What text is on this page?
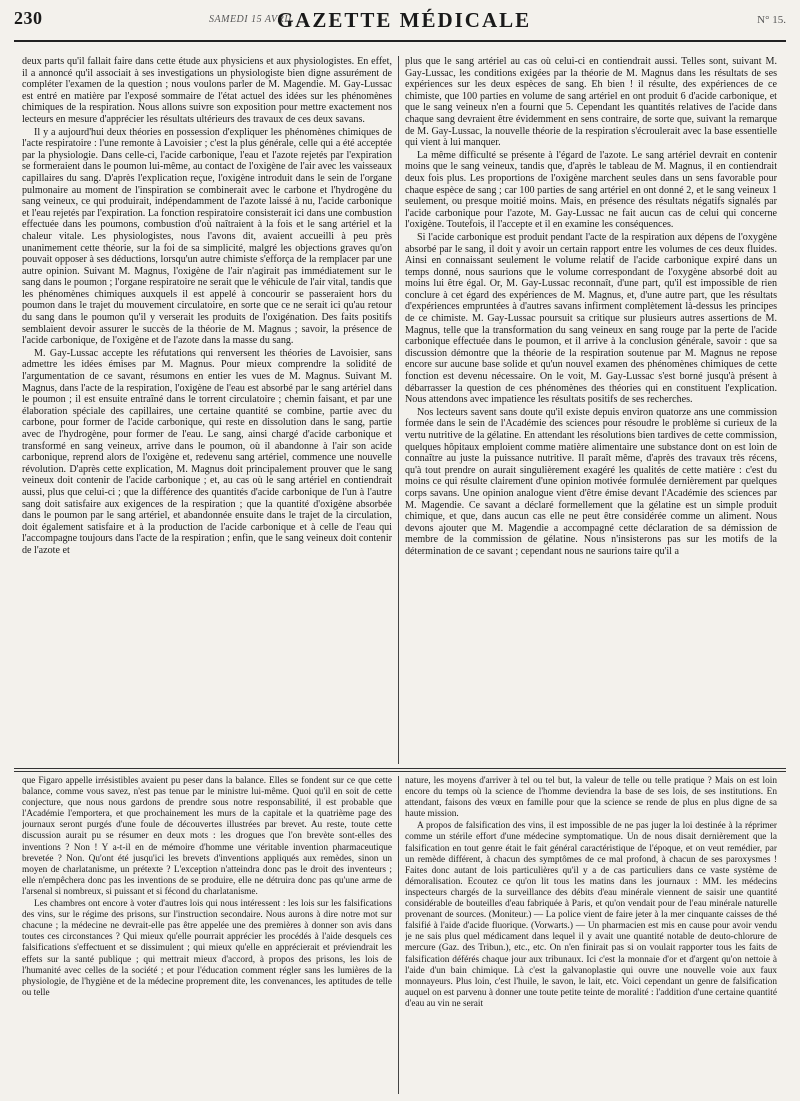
230	SAMEDI 15 AVRIL
GAZETTE MÉDICALE	N° 15.

deux parts qu'il fallait faire dans cette étude aux physiciens et aux physiologistes. En effet, il a annoncé qu'il associait à ses investigations un physiologiste bien digne assurément de compléter l'examen de la question ; nous voulons parler de M. Magendie. M. Gay-Lussac est entré en matière par l'exposé sommaire de l'état actuel des idées sur les phénomènes chimiques de la respiration. Nous allons suivre son exposition pour mettre exactement nos lecteurs en mesure d'apprécier les résultats ultérieurs des travaux de ces deux savans.

Il y a aujourd'hui deux théories en possession d'expliquer les phénomènes chimiques de l'acte respiratoire : l'une remonte à Lavoisier ; c'est la plus générale, celle qui a été acceptée par la physiologie. Dans celle-ci, l'acide carbonique, l'eau et l'azote rejetés par l'expiration se formeraient dans le poumon lui-même, au contact de l'oxigène de l'air avec les vaisseaux capillaires du sang. D'après l'explication reçue, l'oxigène introduit dans le sein de l'organe pulmonaire au moment de l'inspiration se combinerait avec le carbone et l'hydrogène du sang veineux, ce qui produirait, indépendamment de l'azote laissé à nu, l'acide carbonique et l'eau rejetés par l'expiration. La fonction respiratoire consisterait ici dans une combustion effectuée dans les poumons, combustion d'où naîtraient à la fois et le sang artériel et la chaleur vitale. Les physiologistes, nous l'avons dit, avaient accueilli à peu près unanimement cette théorie, sur la foi de sa simplicité, malgré les objections graves qu'on pouvait opposer à ses déductions, lorsqu'un autre chimiste s'efforça de la remplacer par une autre opinion. Suivant M. Magnus, l'oxigène de l'air n'agirait pas immédiatement sur le sang dans le poumon ; l'organe respiratoire ne serait que le véhicule de l'air vital, tandis que les phénomènes chimiques auxquels il est appelé à concourir se passeraient hors du poumon dans le trajet du mouvement circulatoire, en sorte que ce ne serait ici qu'au retour du sang dans le poumon qu'il y verserait les produits de l'oxigénation. Des faits positifs semblaient devoir assurer le succès de la théorie de M. Magnus ; savoir, la présence de l'acide carbonique, de l'oxigène et de l'azote dans la masse du sang.

M. Gay-Lussac accepte les réfutations qui renversent les théories de Lavoisier, sans admettre les idées émises par M. Magnus. Pour mieux comprendre la solidité de l'argumentation de ce savant, résumons en entier les vues de M. Magnus. Suivant M. Magnus, dans l'acte de la respiration, l'oxigène de l'eau est absorbé par le sang artériel dans le poumon ; il est ensuite entraîné dans le torrent circulatoire ; chemin faisant, et par une élaboration spéciale des capillaires, une certaine quantité se combine, partie avec du carbone, pour former de l'acide carbonique, qui reste en dissolution dans le sang, partie avec de l'hydrogène, pour former de l'eau. Le sang, ainsi chargé d'acide carbonique et transformé en sang veineux, arrive dans le poumon, où il abandonne à l'air son acide carbonique, reprend alors de l'oxigène et, redevenu sang artériel, commence une nouvelle révolution. D'après cette explication, M. Magnus doit principalement prouver que le sang veineux doit contenir de l'acide carbonique ; et, au cas où le sang artériel en contiendrait aussi, plus que celui-ci ; que la différence des quantités d'acide carbonique de l'un à l'autre sang doit satisfaire aux exigences de la respiration ; que la quantité d'oxigène absorbée dans le poumon par le sang artériel, et abandonnée ensuite dans le trajet de la circulation, doit également satisfaire et à la production de l'acide carbonique et à celle de l'eau qui l'accompagne toujours dans l'acte de la respiration ; enfin, que le sang veineux doit contenir de l'azote et

plus que le sang artériel au cas où celui-ci en contiendrait aussi. Telles sont, suivant M. Gay-Lussac, les conditions exigées par la théorie de M. Magnus dans les résultats de ses expériences sur les deux espèces de sang. Eh bien ! il résulte, des expériences de ce chimiste, que 100 parties en volume de sang artériel en ont produit 6 d'acide carbonique, et que le sang veineux n'en a fourni que 5. Cependant les quantités relatives de l'acide dans chaque sang devraient être évidemment en sens contraire, de sorte que, suivant la remarque de M. Gay-Lussac, la nouvelle théorie de la respiration s'écroulerait avec la base essentielle qui vient à lui manquer.

La même difficulté se présente à l'égard de l'azote. Le sang artériel devrait en contenir moins que le sang veineux, tandis que, d'après le tableau de M. Magnus, il en contiendrait deux fois plus. Les proportions de l'oxigène marchent seules dans un sens favorable pour chaque espèce de sang ; car 100 parties de sang artériel en ont donné 2, et le sang veineux 1 seulement, ou presque moitié moins. Mais, en présence des résultats négatifs signalés par l'acide carbonique pour l'azote, M. Gay-Lussac ne fait aucun cas de celui qui concerne l'oxigène. Toutefois, il l'accepte et il en examine les conséquences.

Si l'acide carbonique est produit pendant l'acte de la respiration aux dépens de l'oxygène absorbé par le sang, il doit y avoir un certain rapport entre les volumes de ces deux fluides. Ainsi en connaissant seulement le volume relatif de l'acide carbonique expiré dans un temps donné, nous saurions que le volume correspondant de l'oxygène absorbé doit au moins lui être égal. Or, M. Gay-Lussac reconnaît, d'une part, qu'il est impossible de rien conclure à cet égard des expériences de M. Magnus, et, d'une autre part, que les résultats d'expériences empruntées à d'autres savans infirment complètement là-dessus les principes de ce chimiste. M. Gay-Lussac poursuit sa critique sur plusieurs autres assertions de M. Magnus, telle que la transformation du sang veineux en sang rouge par la perte de l'acide carbonique effectuée dans le poumon, et il arrive à la conclusion générale, savoir : que sa discussion démontre que la théorie de la respiration soutenue par M. Magnus ne repose encore sur aucune base solide et qu'un nouvel examen des phénomènes chimiques de cette fonction est devenu nécessaire. On le voit, M. Gay-Lussac s'est borné jusqu'à présent à débarrasser la question de ces phénomènes des théories qui en constituent l'explication. Nous attendons avec impatience les résultats positifs de ses recherches.

Nos lecteurs savent sans doute qu'il existe depuis environ quatorze ans une commission formée dans le sein de l'Académie des sciences pour résoudre le problème si curieux de la vertu nutritive de la gélatine. En attendant les résolutions bien tardives de cette commission, quelques hôpitaux emploient comme matière alimentaire une substance dont on est loin de connaître au juste la puissance nutritive. Il paraît même, d'après des travaux très récens, qu'à tout prendre on aurait singulièrement exagéré les qualités de cette matière : c'est du moins ce qui résulte clairement d'une opinion motivée formulée dernièrement par quelques corps savans. Une opinion analogue vient d'être émise devant l'Académie des sciences par M. Magendie. Ce savant a déclaré formellement que la gélatine est un simple produit chimique, et que, dans aucun cas elle ne peut être considérée comme un aliment. Nous devons ajouter que M. Magendie a accompagné cette déclaration de sa démission de membre de la commission de gélatine. Nous n'insisterons pas sur les motifs de la détermination de ce savant ; cependant nous ne saurions taire qu'il a

que Figaro appelle irrésistibles avaient pu peser dans la balance. Elles se fondent sur ce que cette balance, comme vous savez, n'est pas tenue par le ministre lui-même. Quoi qu'il en soit de cette conjecture, que nous nous gardons de prendre sous notre responsabilité, il est probable que l'Académie l'emportera, et que prochainement les murs de la capitale et la quatrième page des journaux seront purgés d'une foule de découvertes illustrées par brevet. Au reste, toute cette discussion aurait pu se résumer en deux mots : les drogues que l'on brevète sont-elles des inventions ? Non ! Y a-t-il en de mémoire d'homme une véritable invention pharmaceutique brevetée ? Non. Qu'ont été jusqu'ici les brevets d'inventions appliqués aux remèdes, sinon un moyen de charlatanisme, un prétexte ? L'exception n'atteindra donc pas le droit des inventeurs ; elle n'empêchera donc pas les inventions de se produire, elle ne détruira donc pas qu'une arme de l'arsenal si nombreux, si puissant et si fécond du charlatanisme.

Les chambres ont encore à voter d'autres lois qui nous intéressent : les lois sur les falsifications des vins, sur le régime des prisons, sur l'instruction secondaire. Nous aurons à dire notre mot sur chacune ; la médecine ne devrait-elle pas être appelée une des premières à donner son avis dans toutes ces circonstances ? Qui mieux qu'elle pourrait apprécier les procédés à l'aide desquels ces falsifications s'effectuent et se dissimulent ; qui mieux qu'elle en apprécierait et préviendrait les effets sur la santé publique ; qui mettrait mieux d'accord, à propos des prisons, les lois de l'humanité avec celles de la société ; et pour l'éducation comment régler sans les lumières de la physiologie, de l'hygiène et de la médecine proprement dite, les convenances, les aptitudes de telle ou telle

nature, les moyens d'arriver à tel ou tel but, la valeur de telle ou telle pratique ? Mais on est loin encore du temps où la science de l'homme deviendra la base de ses lois, de ses institutions. En attendant, faisons des vœux en famille pour que la science se rende de plus en plus digne de sa haute mission.

A propos de falsification des vins, il est impossible de ne pas juger la loi destinée à la réprimer comme un stérile effort d'une médecine symptomatique. Un de nous disait dernièrement que la falsification en tout genre était le fait général caractéristique de l'époque, et on veut remédier, par un remède différent, à chacun des symptômes de ce mal profond, à chacun de ses paroxysmes ! Faites donc autant de lois particulières qu'il y a de cas particuliers dans ce vaste système de démoralisation. Ecoutez ce qu'on lit tous les matins dans les journaux : MM. les médecins inspecteurs chargés de la surveillance des débits d'eau minérale viennent de saisir une quantité considérable de bouteilles d'eau fabriquée à Paris, et qu'on vendait pour de l'eau minérale naturelle provenant de sources. (Moniteur.) — La police vient de faire jeter à la mer cinquante caisses de thé falsifié à l'aide d'acide fluorique. (Vorwarts.) — Un pharmacien est mis en cause pour avoir vendu je ne sais plus quel médicament dans lequel il y avait une quantité notable de deuto-chlorure de mercure (Gaz. des Tribun.), etc., etc. On n'en finirait pas si on voulait rapporter tous les faits de falsification déférés chaque jour aux tribunaux. Ici c'est la monnaie d'or et d'argent qu'on nettoie à l'aide d'un bain chimique. Là c'est la galvanoplastie qui ouvre une nouvelle voie aux faux monnayeurs. Plus loin, c'est l'huile, le savon, le lait, etc. Voici cependant un genre de falsification auquel on est parvenu à donner une toute petite teinte de moralité : l'addition d'une certaine quantité d'eau au vin ne serait
